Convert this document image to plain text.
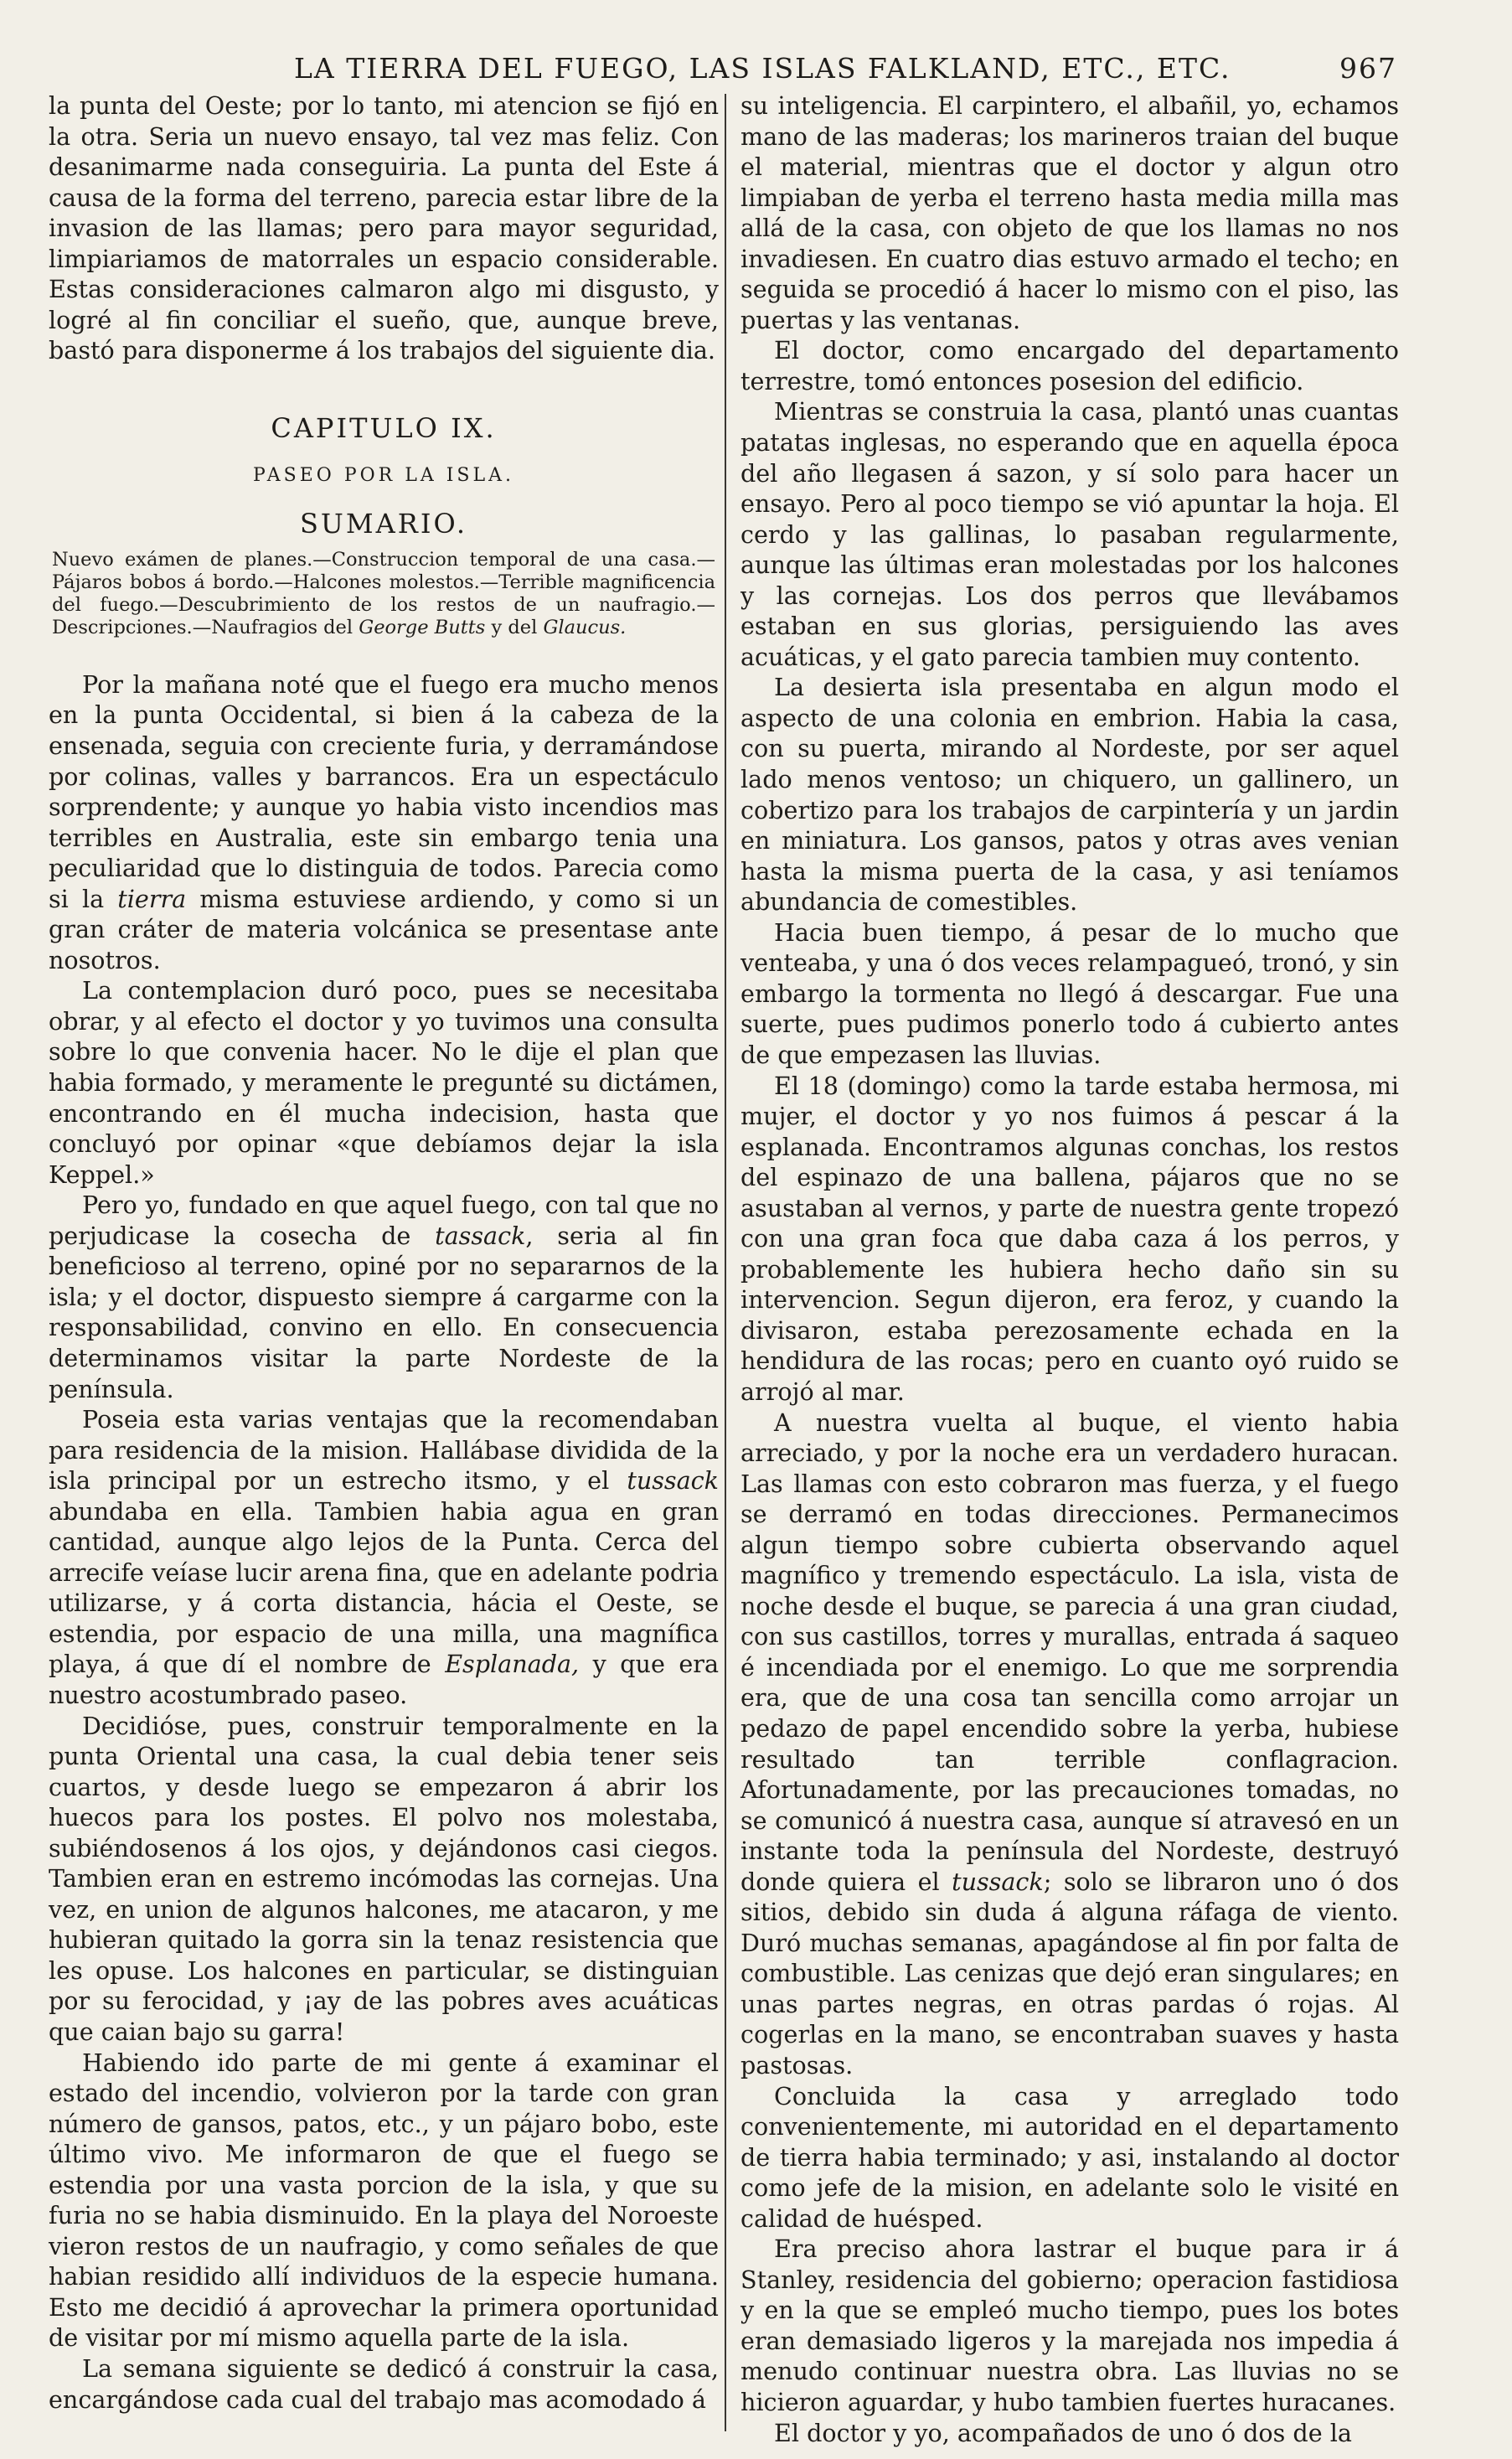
LA TIERRA DEL FUEGO, LAS ISLAS FALKLAND, ETC., ETC.	967

la punta del Oeste; por lo tanto, mi atencion se fijó en la otra. Seria un nuevo ensayo, tal vez mas feliz. Con desanimarme nada conseguiria. La punta del Este á causa de la forma del terreno, parecia estar libre de la invasion de las llamas; pero para mayor seguridad, limpiariamos de matorrales un espacio considerable. Estas consideraciones calmaron algo mi disgusto, y logré al fin conciliar el sueño, que, aunque breve, bastó para disponerme á los trabajos del siguiente dia.

CAPITULO IX.
PASEO POR LA ISLA.
SUMARIO.

Nuevo exámen de planes.—Construccion temporal de una casa.—Pájaros bobos á bordo.—Halcones molestos.—Terrible magnificencia del fuego.—Descubrimiento de los restos de un naufragio.—Descripciones.—Naufragios del George Butts y del Glaucus.

Por la mañana noté que el fuego era mucho menos en la punta Occidental, si bien á la cabeza de la ensenada, seguia con creciente furia, y derramándose por colinas, valles y barrancos. Era un espectáculo sorprendente; y aunque yo habia visto incendios mas terribles en Australia, este sin embargo tenia una peculiaridad que lo distinguia de todos. Parecia como si la tierra misma estuviese ardiendo, y como si un gran cráter de materia volcánica se presentase ante nosotros.

La contemplacion duró poco, pues se necesitaba obrar, y al efecto el doctor y yo tuvimos una consulta sobre lo que convenia hacer. No le dije el plan que habia formado, y meramente le pregunté su dictámen, encontrando en él mucha indecision, hasta que concluyó por opinar «que debíamos dejar la isla Keppel.»

Pero yo, fundado en que aquel fuego, con tal que no perjudicase la cosecha de tassack, seria al fin beneficioso al terreno, opiné por no separarnos de la isla; y el doctor, dispuesto siempre á cargarme con la responsabilidad, convino en ello. En consecuencia determinamos visitar la parte Nordeste de la península.

Poseia esta varias ventajas que la recomendaban para residencia de la mision. Hallábase dividida de la isla principal por un estrecho itsmo, y el tussack abundaba en ella. Tambien habia agua en gran cantidad, aunque algo lejos de la Punta. Cerca del arrecife veíase lucir arena fina, que en adelante podria utilizarse, y á corta distancia, hácia el Oeste, se estendia, por espacio de una milla, una magnífica playa, á que dí el nombre de Esplanada, y que era nuestro acostumbrado paseo.

Decidióse, pues, construir temporalmente en la punta Oriental una casa, la cual debia tener seis cuartos, y desde luego se empezaron á abrir los huecos para los postes. El polvo nos molestaba, subiéndosenos á los ojos, y dejándonos casi ciegos. Tambien eran en estremo incómodas las cornejas. Una vez, en union de algunos halcones, me atacaron, y me hubieran quitado la gorra sin la tenaz resistencia que les opuse. Los halcones en particular, se distinguian por su ferocidad, y ¡ay de las pobres aves acuáticas que caian bajo su garra!

Habiendo ido parte de mi gente á examinar el estado del incendio, volvieron por la tarde con gran número de gansos, patos, etc., y un pájaro bobo, este último vivo. Me informaron de que el fuego se estendia por una vasta porcion de la isla, y que su furia no se habia disminuido. En la playa del Noroeste vieron restos de un naufragio, y como señales de que habian residido allí individuos de la especie humana. Esto me decidió á aprovechar la primera oportunidad de visitar por mí mismo aquella parte de la isla.

La semana siguiente se dedicó á construir la casa, encargándose cada cual del trabajo mas acomodado á

su inteligencia. El carpintero, el albañil, yo, echamos mano de las maderas; los marineros traian del buque el material, mientras que el doctor y algun otro limpiaban de yerba el terreno hasta media milla mas allá de la casa, con objeto de que los llamas no nos invadiesen. En cuatro dias estuvo armado el techo; en seguida se procedió á hacer lo mismo con el piso, las puertas y las ventanas.

El doctor, como encargado del departamento terrestre, tomó entonces posesion del edificio.

Mientras se construia la casa, plantó unas cuantas patatas inglesas, no esperando que en aquella época del año llegasen á sazon, y sí solo para hacer un ensayo. Pero al poco tiempo se vió apuntar la hoja. El cerdo y las gallinas, lo pasaban regularmente, aunque las últimas eran molestadas por los halcones y las cornejas. Los dos perros que llevábamos estaban en sus glorias, persiguiendo las aves acuáticas, y el gato parecia tambien muy contento.

La desierta isla presentaba en algun modo el aspecto de una colonia en embrion. Habia la casa, con su puerta, mirando al Nordeste, por ser aquel lado menos ventoso; un chiquero, un gallinero, un cobertizo para los trabajos de carpintería y un jardin en miniatura. Los gansos, patos y otras aves venian hasta la misma puerta de la casa, y asi teníamos abundancia de comestibles.

Hacia buen tiempo, á pesar de lo mucho que venteaba, y una ó dos veces relampagueó, tronó, y sin embargo la tormenta no llegó á descargar. Fue una suerte, pues pudimos ponerlo todo á cubierto antes de que empezasen las lluvias.

El 18 (domingo) como la tarde estaba hermosa, mi mujer, el doctor y yo nos fuimos á pescar á la esplanada. Encontramos algunas conchas, los restos del espinazo de una ballena, pájaros que no se asustaban al vernos, y parte de nuestra gente tropezó con una gran foca que daba caza á los perros, y probablemente les hubiera hecho daño sin su intervencion. Segun dijeron, era feroz, y cuando la divisaron, estaba perezosamente echada en la hendidura de las rocas; pero en cuanto oyó ruido se arrojó al mar.

A nuestra vuelta al buque, el viento habia arreciado, y por la noche era un verdadero huracan. Las llamas con esto cobraron mas fuerza, y el fuego se derramó en todas direcciones. Permanecimos algun tiempo sobre cubierta observando aquel magnífico y tremendo espectáculo. La isla, vista de noche desde el buque, se parecia á una gran ciudad, con sus castillos, torres y murallas, entrada á saqueo é incendiada por el enemigo. Lo que me sorprendia era, que de una cosa tan sencilla como arrojar un pedazo de papel encendido sobre la yerba, hubiese resultado tan terrible conflagracion. Afortunadamente, por las precauciones tomadas, no se comunicó á nuestra casa, aunque sí atravesó en un instante toda la península del Nordeste, destruyó donde quiera el tussack; solo se libraron uno ó dos sitios, debido sin duda á alguna ráfaga de viento. Duró muchas semanas, apagándose al fin por falta de combustible. Las cenizas que dejó eran singulares; en unas partes negras, en otras pardas ó rojas. Al cogerlas en la mano, se encontraban suaves y hasta pastosas.

Concluida la casa y arreglado todo convenientemente, mi autoridad en el departamento de tierra habia terminado; y asi, instalando al doctor como jefe de la mision, en adelante solo le visité en calidad de huésped.

Era preciso ahora lastrar el buque para ir á Stanley, residencia del gobierno; operacion fastidiosa y en la que se empleó mucho tiempo, pues los botes eran demasiado ligeros y la marejada nos impedia á menudo continuar nuestra obra. Las lluvias no se hicieron aguardar, y hubo tambien fuertes huracanes.

El doctor y yo, acompañados de uno ó dos de la
